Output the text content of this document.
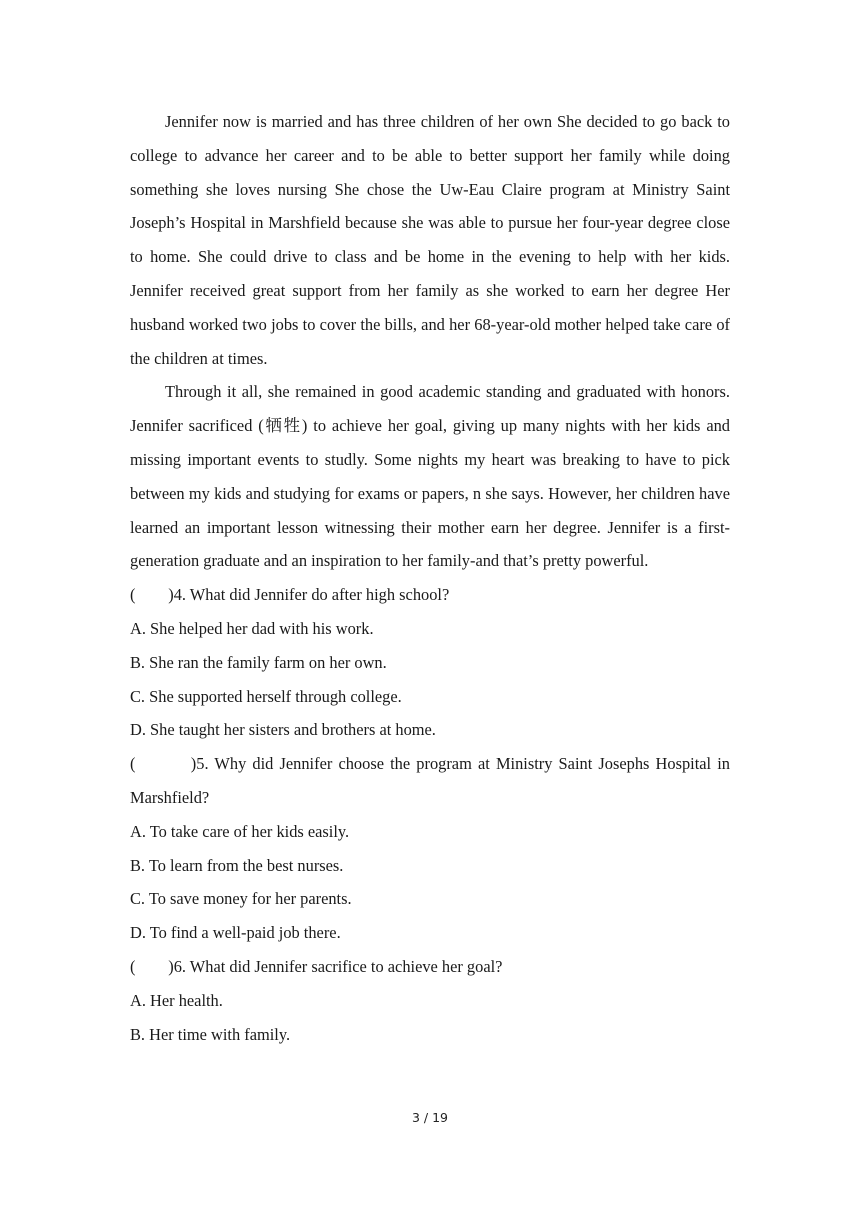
Jennifer now is married and has three children of her own She decided to go back to college to advance her career and to be able to better support her family while doing something she loves nursing She chose the Uw-Eau Claire program at Ministry Saint Joseph’s Hospital in Marshfield because she was able to pursue her four-year degree close to home. She could drive to class and be home in the evening to help with her kids. Jennifer received great support from her family as she worked to earn her degree Her husband worked two jobs to cover the bills, and her 68-year-old mother helped take care of the children at times.

Through it all, she remained in good academic standing and graduated with honors. Jennifer sacrificed (牺牲) to achieve her goal, giving up many nights with her kids and missing important events to studly. Some nights my heart was breaking to have to pick between my kids and studying for exams or papers, n she says. However, her children have learned an important lesson witnessing their mother earn her degree. Jennifer is a first-generation graduate and an inspiration to her family-and that’s pretty powerful.

(        )4. What did Jennifer do after high school?

A. She helped her dad with his work.

B. She ran the family farm on her own.

C. She supported herself through college.

D. She taught her sisters and brothers at home.

(         )5. Why did Jennifer choose the program at Ministry Saint Josephs Hospital in Marshfield?

A. To take care of her kids easily.

B. To learn from the best nurses.

C. To save money for her parents.

D. To find a well-paid job there.

(        )6. What did Jennifer sacrifice to achieve her goal?

A. Her health.

B. Her time with family.

3 / 19
